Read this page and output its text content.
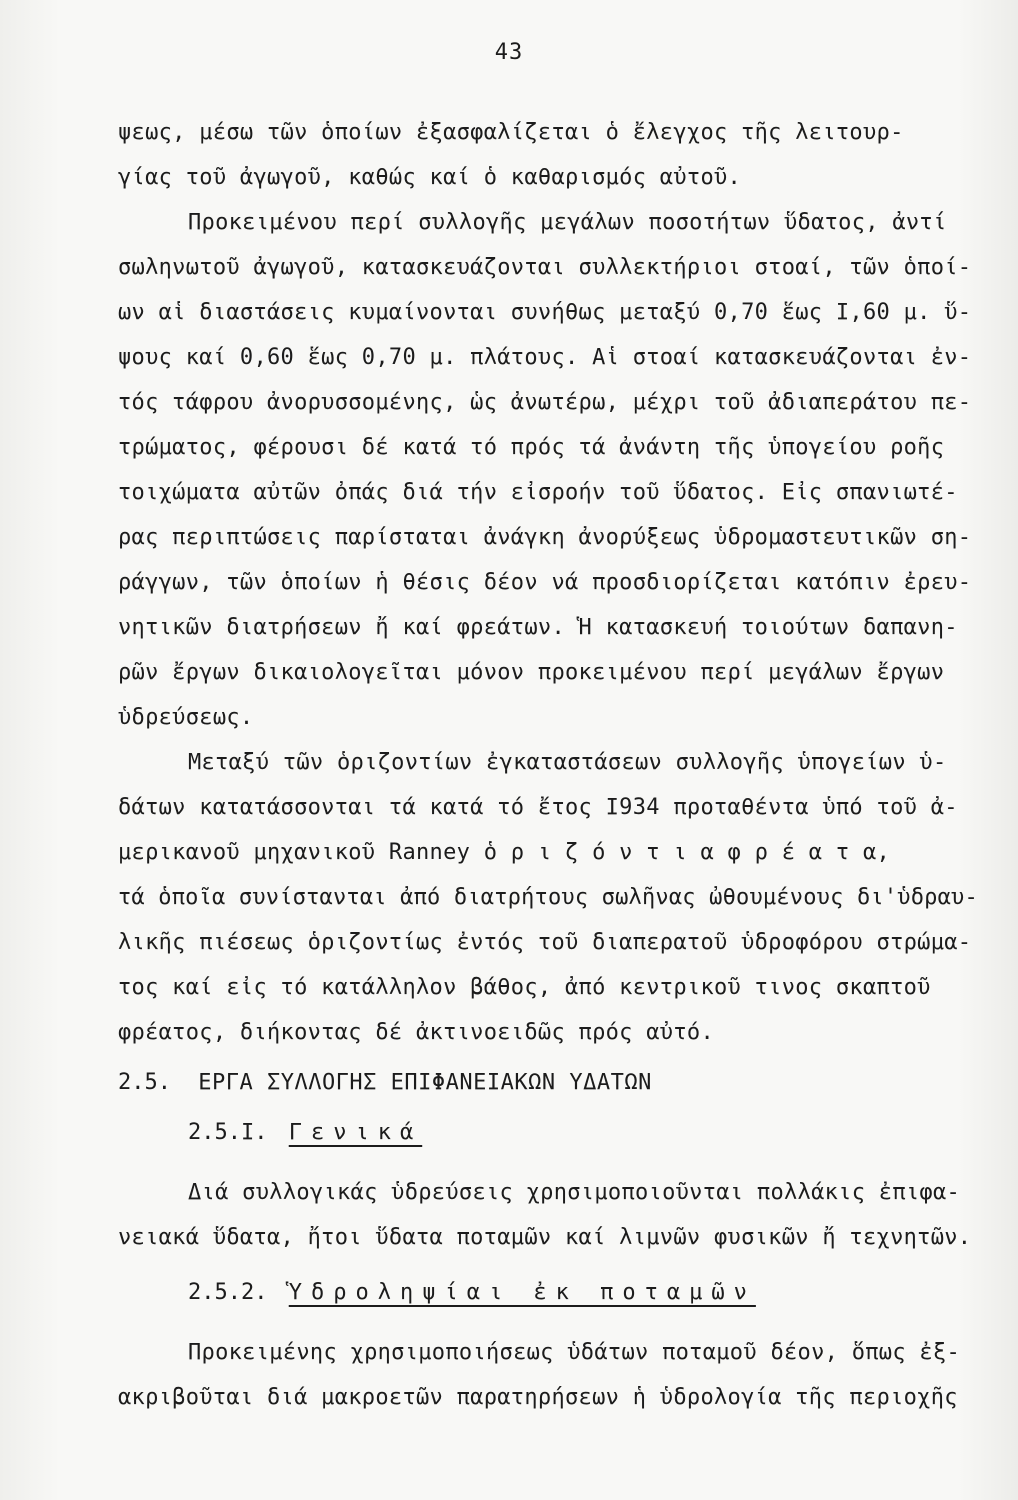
43
ψεως, μέσω τῶν ὁποίων ἐξασφαλίζεται ὁ ἔλεγχος τῆς λειτουρ-
γίας τοῦ ἀγωγοῦ, καθώς καί ὁ καθαρισμός αὐτοῦ.
Προκειμένου περί συλλογῆς μεγάλων ποσοτήτων ὕδατος, ἀντί
σωληνωτοῦ ἀγωγοῦ, κατασκευάζονται συλλεκτήριοι στοαί, τῶν ὁποί-
ων αἱ διαστάσεις κυμαίνονται συνήθως μεταξύ 0,70 ἕως Ι,60 μ. ὕ-
ψους καί 0,60 ἕως 0,70 μ. πλάτους. Αἱ στοαί κατασκευάζονται ἐν-
τός τάφρου ἀνορυσσομένης, ὡς ἀνωτέρω, μέχρι τοῦ ἀδιαπεράτου πε-
τρώματος, φέρουσι δέ κατά τό πρός τά ἀνάντη τῆς ὑπογείου ροῆς
τοιχώματα αὐτῶν ὀπάς διά τήν εἰσροήν τοῦ ὕδατος. Εἰς σπανιωτέ-
ρας περιπτώσεις παρίσταται ἀνάγκη ἀνορύξεως ὑδρομαστευτικῶν ση-
ράγγων, τῶν ὁποίων ἡ θέσις δέον νά προσδιορίζεται κατόπιν ἐρευ-
νητικῶν διατρήσεων ἤ καί φρεάτων. Ἡ κατασκευή τοιούτων δαπανη-
ρῶν ἔργων δικαιολογεῖται μόνον προκειμένου περί μεγάλων ἔργων
ὑδρεύσεως.
Μεταξύ τῶν ὁριζοντίων ἐγκαταστάσεων συλλογῆς ὑπογείων ὑ-
δάτων κατατάσσονται τά κατά τό ἔτος Ι934 προταθέντα ὑπό τοῦ ἀ-
μερικανοῦ μηχανικοῦ Ranney ὁ ρ ι ζ ό ν τ ι α φ ρ έ α τ α,
τά ὁποῖα συνίστανται ἀπό διατρήτους σωλῆνας ὠθουμένους δι'ὑδραυ-
λικῆς πιέσεως ὁριζοντίως ἐντός τοῦ διαπερατοῦ ὑδροφόρου στρώμα-
τος καί εἰς τό κατάλληλον βάθος, ἀπό κεντρικοῦ τινος σκαπτοῦ
φρέατος, διήκοντας δέ ἀκτινοειδῶς πρός αὐτό.
2.5. ΕΡΓΑ ΣΥΛΛΟΓΗΣ ΕΠΙΦΑΝΕΙΑΚΩΝ ΥΔΑΤΩΝ
2.5.Ι. Γενικά
Διά συλλογικάς ὑδρεύσεις χρησιμοποιοῦνται πολλάκις ἐπιφα-
νειακά ὕδατα, ἤτοι ὕδατα ποταμῶν καί λιμνῶν φυσικῶν ἤ τεχνητῶν.
2.5.2. Ὑδροληψίαι ἐκ ποταμῶν
Προκειμένης χρησιμοποιήσεως ὑδάτων ποταμοῦ δέον, ὅπως ἐξ-
ακριβοῦται διά μακροετῶν παρατηρήσεων ἡ ὑδρολογία τῆς περιοχῆς
